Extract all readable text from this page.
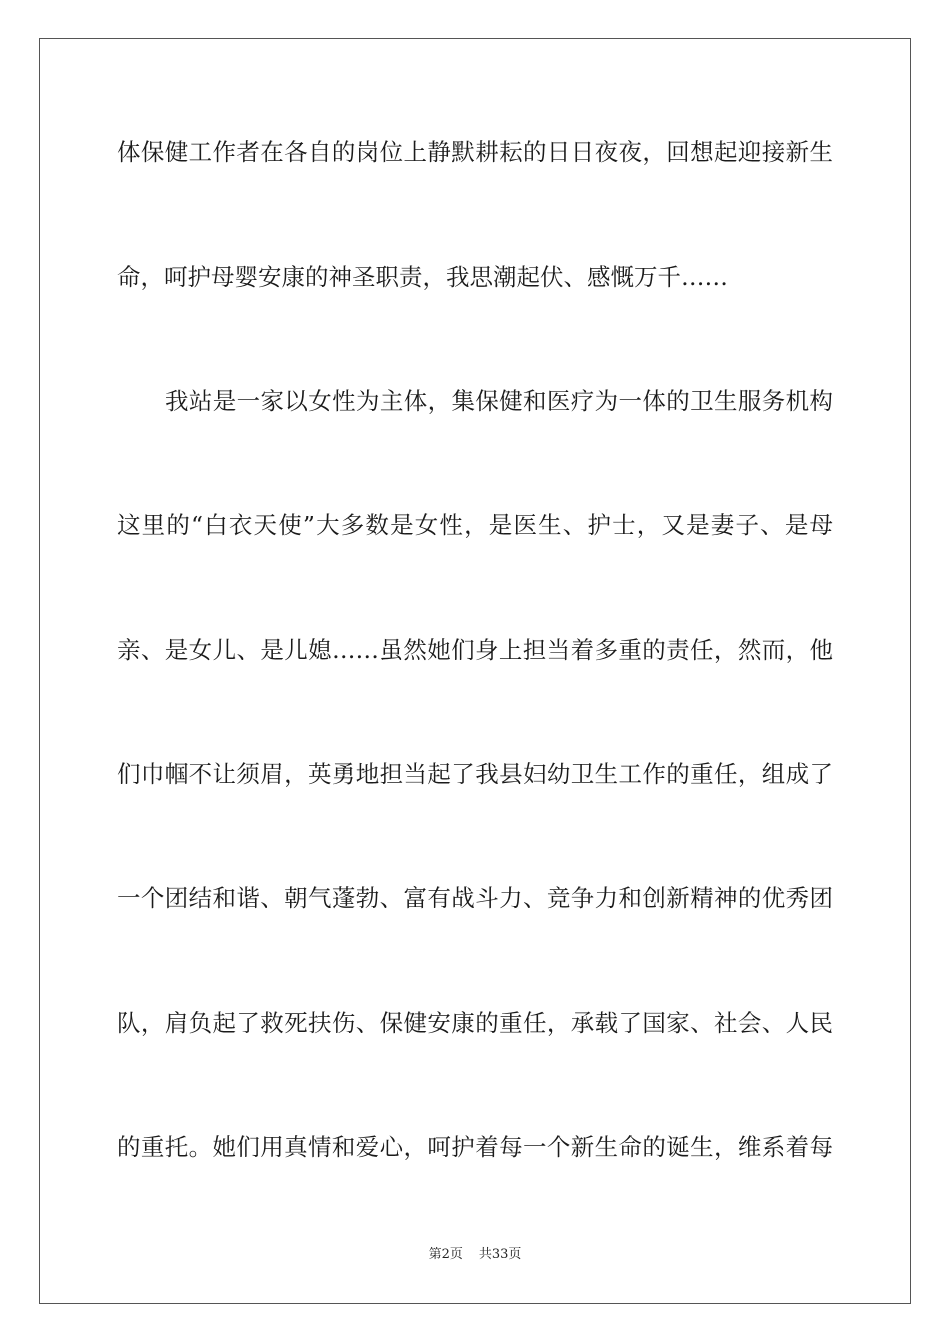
体保健工作者在各自的岗位上静默耕耘的日日夜夜，回想起迎接新生
命，呵护母婴安康的神圣职责，我思潮起伏、感慨万千……
我站是一家以女性为主体，集保健和医疗为一体的卫生服务机构
这里的“白衣天使”大多数是女性，是医生、护士，又是妻子、是母
亲、是女儿、是儿媳……虽然她们身上担当着多重的责任，然而，他
们巾帼不让须眉，英勇地担当起了我县妇幼卫生工作的重任，组成了
一个团结和谐、朝气蓬勃、富有战斗力、竞争力和创新精神的优秀团
队，肩负起了救死扶伤、保健安康的重任，承载了国家、社会、人民
的重托。她们用真情和爱心，呵护着每一个新生命的诞生，维系着每
第2页 共33页
